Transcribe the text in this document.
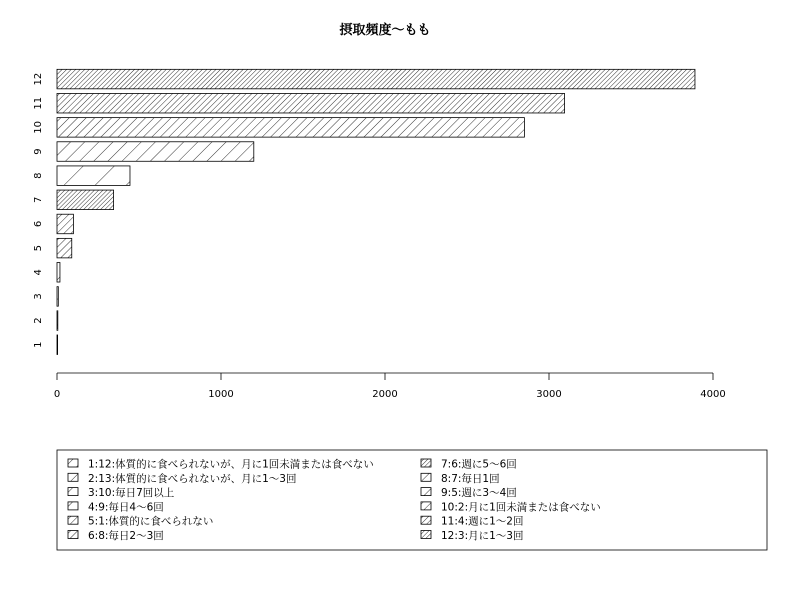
摂取頻度〜もも
1
2
3
4
5
6
7
8
9
10
11
12
0	1000	2000	3000	4000
1:12:体質的に食べられないが、月に1回未満または食べない
2:13:体質的に食べられないが、月に1〜3回
3:10:毎日7回以上
4:9:毎日4〜6回
5:1:体質的に食べられない
6:8:毎日2〜3回
7:6:週に5〜6回
8:7:毎日1回
9:5:週に3〜4回
10:2:月に1回未満または食べない
11:4:週に1〜2回
12:3:月に1〜3回
